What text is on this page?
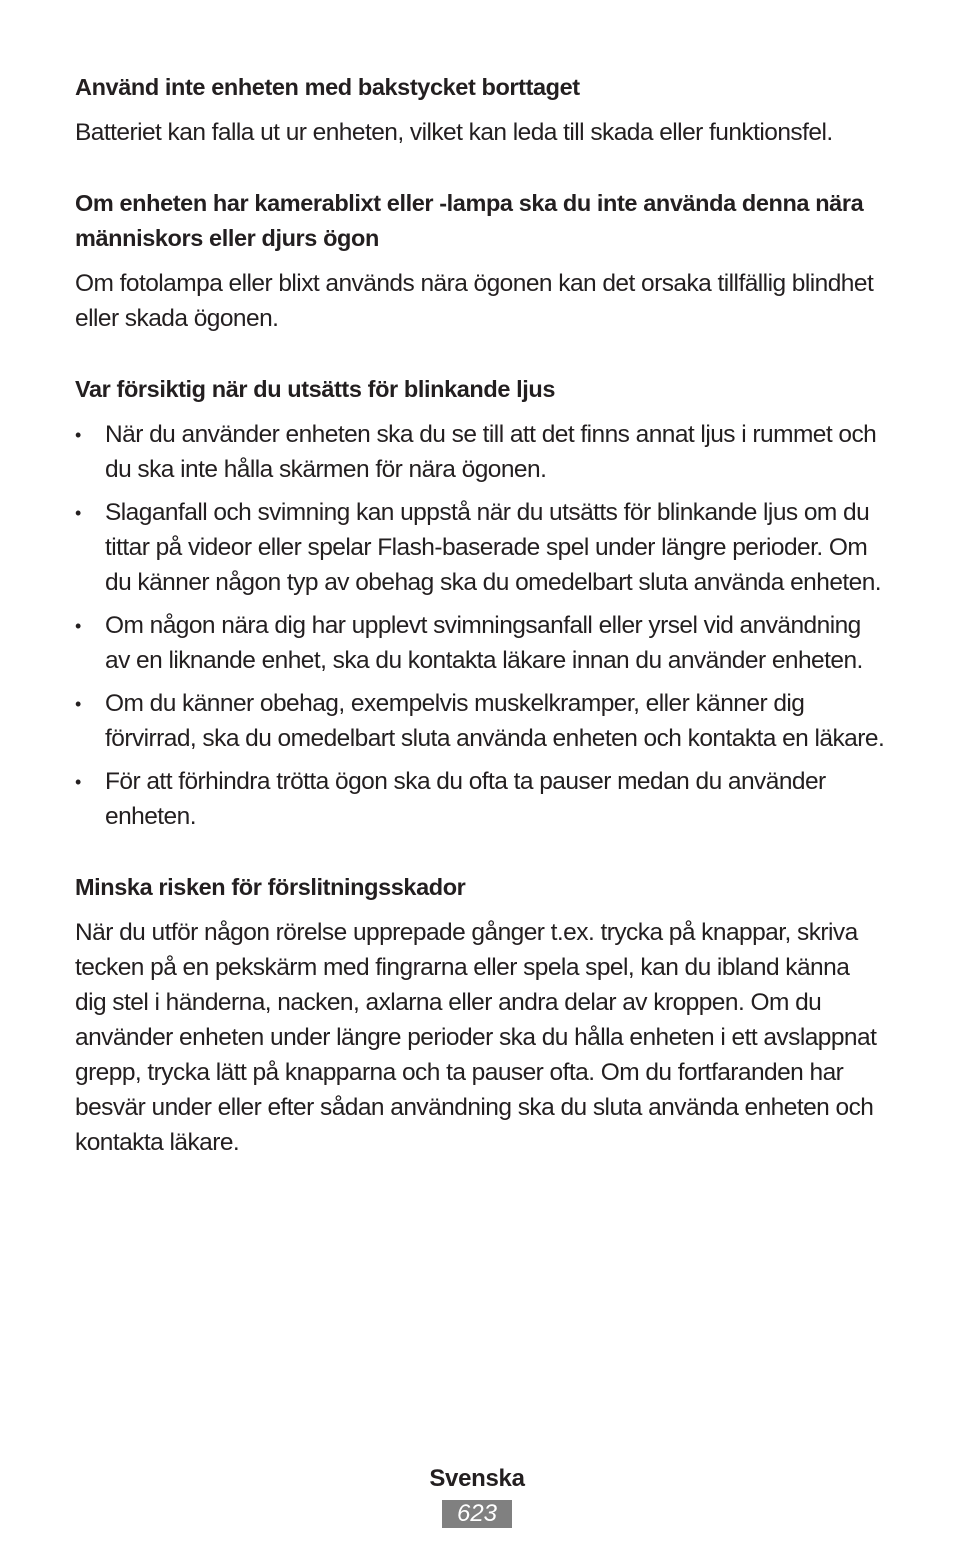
Använd inte enheten med bakstycket borttaget

Batteriet kan falla ut ur enheten, vilket kan leda till skada eller funktionsfel.

Om enheten har kamerablixt eller -lampa ska du inte använda denna nära människors eller djurs ögon

Om fotolampa eller blixt används nära ögonen kan det orsaka tillfällig blindhet eller skada ögonen.

Var försiktig när du utsätts för blinkande ljus
• När du använder enheten ska du se till att det finns annat ljus i rummet och du ska inte hålla skärmen för nära ögonen.
• Slaganfall och svimning kan uppstå när du utsätts för blinkande ljus om du tittar på videor eller spelar Flash-baserade spel under längre perioder. Om du känner någon typ av obehag ska du omedelbart sluta använda enheten.
• Om någon nära dig har upplevt svimningsanfall eller yrsel vid användning av en liknande enhet, ska du kontakta läkare innan du använder enheten.
• Om du känner obehag, exempelvis muskelkramper, eller känner dig förvirrad, ska du omedelbart sluta använda enheten och kontakta en läkare.
• För att förhindra trötta ögon ska du ofta ta pauser medan du använder enheten.
Minska risken för förslitningsskador

När du utför någon rörelse upprepade gånger t.ex. trycka på knappar, skriva tecken på en pekskärm med fingrarna eller spela spel, kan du ibland känna dig stel i händerna, nacken, axlarna eller andra delar av kroppen. Om du använder enheten under längre perioder ska du hålla enheten i ett avslappnat grepp, trycka lätt på knapparna och ta pauser ofta. Om du fortfaranden har besvär under eller efter sådan användning ska du sluta använda enheten och kontakta läkare.

Svenska
623
